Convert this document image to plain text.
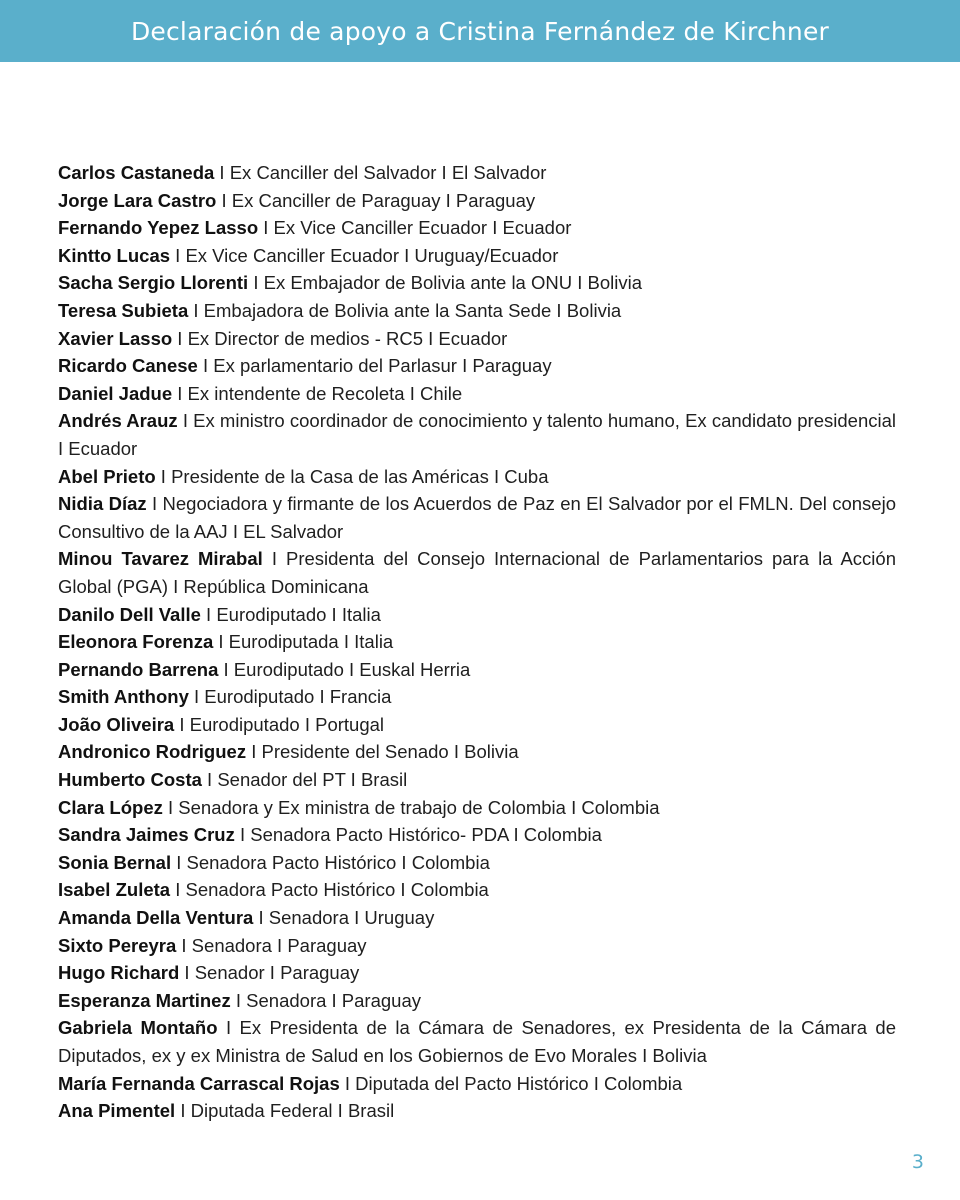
Declaración de apoyo a Cristina Fernández de Kirchner
Carlos Castaneda I Ex Canciller del Salvador I El Salvador
Jorge Lara Castro I Ex Canciller de Paraguay I Paraguay
Fernando Yepez Lasso I Ex Vice Canciller Ecuador I Ecuador
Kintto Lucas I Ex Vice Canciller Ecuador I Uruguay/Ecuador
Sacha Sergio Llorenti I Ex Embajador de Bolivia ante la ONU I Bolivia
Teresa Subieta I Embajadora de Bolivia ante la Santa Sede I Bolivia
Xavier Lasso I Ex Director de medios - RC5 I Ecuador
Ricardo Canese I Ex parlamentario del Parlasur I Paraguay
Daniel Jadue I Ex intendente de Recoleta I Chile
Andrés Arauz I Ex ministro coordinador de conocimiento y talento humano, Ex candidato presidencial I Ecuador
Abel Prieto I Presidente de la Casa de las Américas I Cuba
Nidia Díaz I Negociadora y firmante de los Acuerdos de Paz en El Salvador por el FMLN. Del consejo Consultivo de la AAJ I EL Salvador
Minou Tavarez Mirabal I Presidenta del Consejo Internacional de Parlamentarios para la Acción Global (PGA) I República Dominicana
Danilo Dell Valle I Eurodiputado I Italia
Eleonora Forenza I Eurodiputada I Italia
Pernando Barrena I Eurodiputado I Euskal Herria
Smith Anthony I Eurodiputado I Francia
João Oliveira I Eurodiputado I Portugal
Andronico Rodriguez I Presidente del Senado I Bolivia
Humberto Costa I Senador del PT I Brasil
Clara López I Senadora y Ex ministra de trabajo de Colombia I Colombia
Sandra Jaimes Cruz I Senadora Pacto Histórico- PDA I Colombia
Sonia Bernal I Senadora Pacto Histórico I Colombia
Isabel Zuleta I Senadora Pacto Histórico I Colombia
Amanda Della Ventura I Senadora I Uruguay
Sixto Pereyra I Senadora I Paraguay
Hugo Richard I Senador I Paraguay
Esperanza Martinez I Senadora I Paraguay
Gabriela Montaño I Ex Presidenta de la Cámara de Senadores, ex Presidenta de la Cámara de Diputados, ex y ex Ministra de Salud en los Gobiernos de Evo Morales I Bolivia
María Fernanda Carrascal Rojas I Diputada del Pacto Histórico I Colombia
Ana Pimentel I Diputada Federal I Brasil
3
